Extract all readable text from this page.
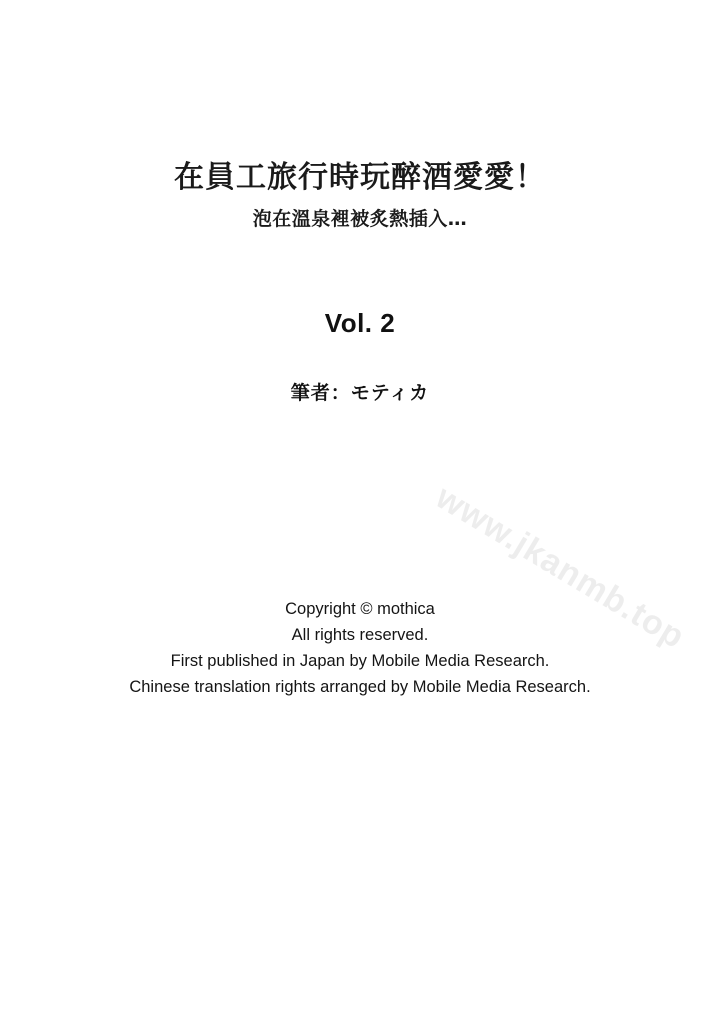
在員工旅行時玩醉酒愛愛！
泡在溫泉裡被炙熱插入…
Vol. 2
筆者：モティカ
www.jkanmb.top
Copyright © mothica
All rights reserved.
First published in Japan by Mobile Media Research.
Chinese translation rights arranged by Mobile Media Research.
